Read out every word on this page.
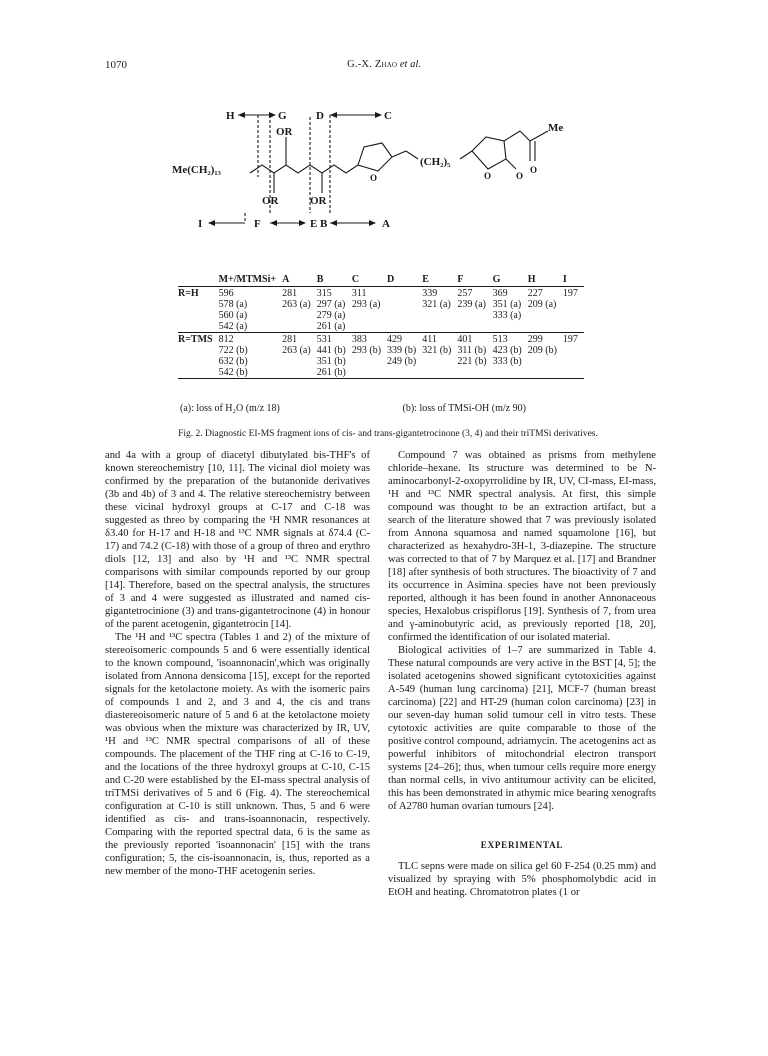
1070	G.-X. Zhao et al.
H	G	D	C
OR
Me(CH₂)₁₃
OR	OR
O
(CH₂)₅
O	O
O
Me
I	F	E B	A
	M+/MTMSi+	A	B	C	D	E	F	G	H	I
R=H	596	281	315	311		339	257	369	227	197
	578 (a)	263 (a)	297 (a)	293 (a)		321 (a)	239 (a)	351 (a)	209 (a)	
	560 (a)		279 (a)					333 (a)		
	542 (a)		261 (a)							
R=TMS	812	281	531	383	429	411	401	513	299	197
	722 (b)	263 (a)	441 (b)	293 (b)	339 (b)	321 (b)	311 (b)	423 (b)	209 (b)	
	632 (b)		351 (b)		249 (b)		221 (b)	333 (b)		
	542 (b)		261 (b)							
(a): loss of H₂O (m/z 18)	(b): loss of TMSi-OH (m/z 90)
Fig. 2. Diagnostic EI-MS fragment ions of cis- and trans-gigantetrocinone (3, 4) and their triTMSi derivatives.

and 4a with a group of diacetyl dibutylated bis-THF's of known stereochemistry [10, 11]. The vicinal diol moiety was confirmed by the preparation of the butanonide derivatives (3b and 4b) of 3 and 4. The relative stereochemistry between these vicinal hydroxyl groups at C-17 and C-18 was suggested as threo by comparing the ¹H NMR resonances at δ3.40 for H-17 and H-18 and ¹³C NMR signals at δ74.4 (C-17) and 74.2 (C-18) with those of a group of threo and erythro diols [12, 13] and also by ¹H and ¹³C NMR spectral comparisons with similar compounds reported by our group [14]. Therefore, based on the spectral analysis, the structures of 3 and 4 were suggested as illustrated and named cis-gigantetrocinione (3) and trans-gigantetrocinone (4) in honour of the parent acetogenin, gigantetrocin [14].

The ¹H and ¹³C spectra (Tables 1 and 2) of the mixture of stereoisomeric compounds 5 and 6 were essentially identical to the known compound, 'isoannonacin',which was originally isolated from Annona densicoma [15], except for the reported signals for the ketolactone moiety. As with the isomeric pairs of compounds 1 and 2, and 3 and 4, the cis and trans diastereoisomeric nature of 5 and 6 at the ketolactone moiety was obvious when the mixture was characterized by IR, UV, ¹H and ¹³C NMR spectral comparisons of all of these compounds. The placement of the THF ring at C-16 to C-19, and the locations of the three hydroxyl groups at C-10, C-15 and C-20 were established by the EI-mass spectral analysis of triTMSi derivatives of 5 and 6 (Fig. 4). The stereochemical configuration at C-10 is still unknown. Thus, 5 and 6 were identified as cis- and trans-isoannonacin, respectively. Comparing with the reported spectral data, 6 is the same as the previously reported 'isoannonacin' [15] with the trans configuration; 5, the cis-isoannonacin, is, thus, reported as a new member of the mono-THF acetogenin series.

Compound 7 was obtained as prisms from methylene chloride–hexane. Its structure was determined to be N-aminocarbonyl-2-oxopyrrolidine by IR, UV, CI-mass, EI-mass, ¹H and ¹³C NMR spectral analysis. At first, this simple compound was thought to be an extraction artifact, but a search of the literature showed that 7 was previously isolated from Annona squamosa and named squamolone [16], but characterized as hexahydro-3H-1, 3-diazepine. The structure was corrected to that of 7 by Marquez et al. [17] and Brandner [18] after synthesis of both structures. The bioactivity of 7 and its occurrence in Asimina species have not been previously reported, although it has been found in another Annonaceous species, Hexalobus crispiflorus [19]. Synthesis of 7, from urea and γ-aminobutyric acid, as previously reported [18, 20], confirmed the identification of our isolated material.

Biological activities of 1–7 are summarized in Table 4. These natural compounds are very active in the BST [4, 5]; the isolated acetogenins showed significant cytotoxicities against A-549 (human lung carcinoma) [21], MCF-7 (human breast carcinoma) [22] and HT-29 (human colon carcinoma) [23] in our seven-day human solid tumour cell in vitro tests. These cytotoxic activities are quite comparable to those of the positive control compound, adriamycin. The acetogenins act as powerful inhibitors of mitochondrial electron transport systems [24–26]; thus, when tumour cells require more energy than normal cells, in vivo antitumour activity can be elicited, this has been demonstrated in athymic mice bearing xenografts of A2780 human ovarian tumours [24].

EXPERIMENTAL

TLC sepns were made on silica gel 60 F-254 (0.25 mm) and visualized by spraying with 5% phosphomolybdic acid in EtOH and heating. Chromatotron plates (1 or
